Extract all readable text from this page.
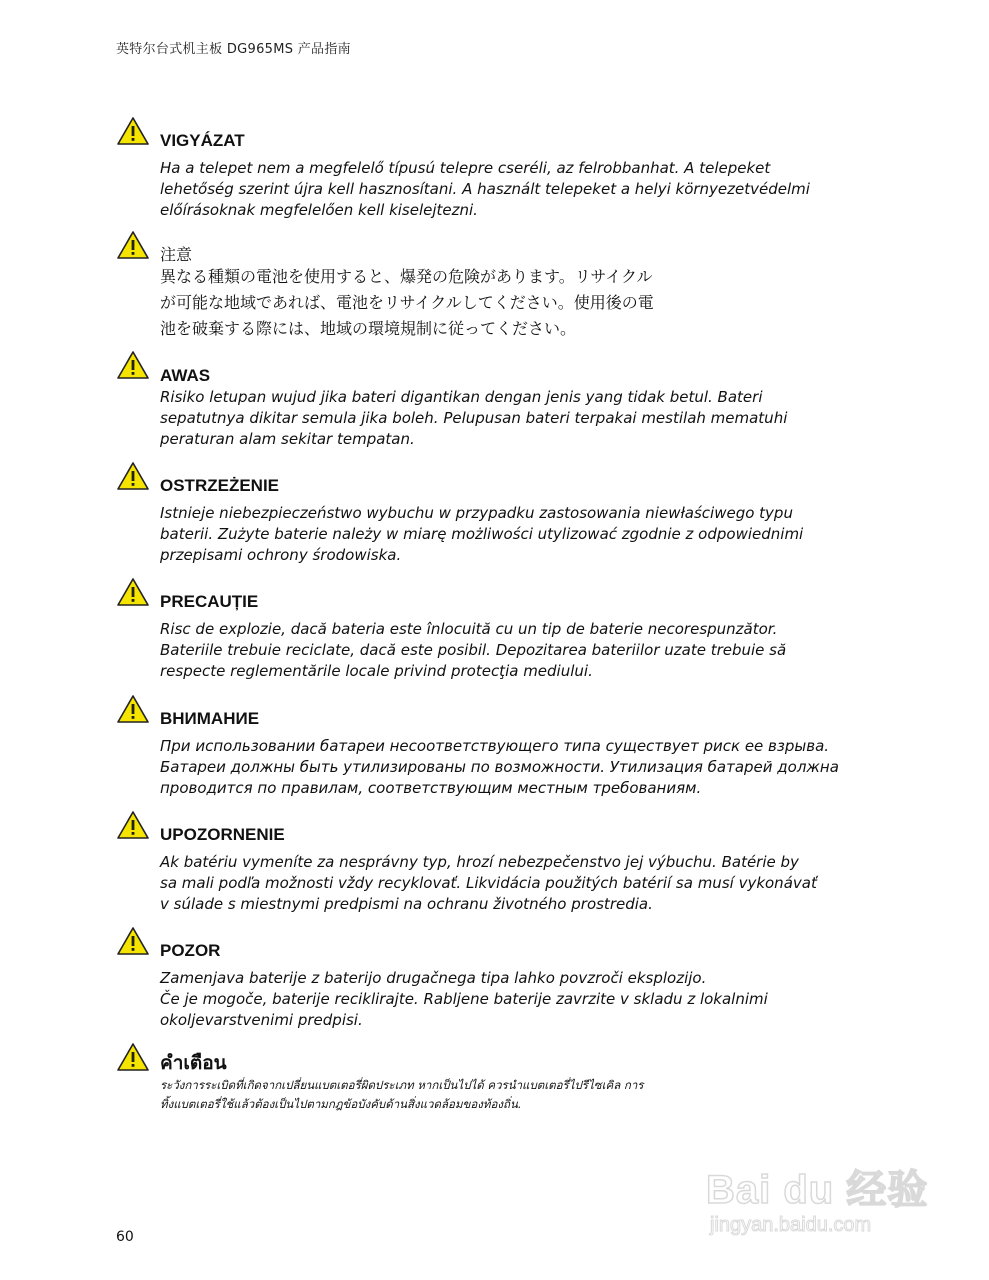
英特尔台式机主板 DG965MS 产品指南
VIGYÁZAT
Ha a telepet nem a megfelelő típusú telepre cseréli, az felrobbanhat. A telepeket
lehetőség szerint újra kell hasznosítani. A használt telepeket a helyi környezetvédelmi
előírásoknak megfelelően kell kiselejtezni.
注意
異なる種類の電池を使用すると、爆発の危険があります。リサイクル
が可能な地域であれば、電池をリサイクルしてください。使用後の電
池を破棄する際には、地域の環境規制に従ってください。
AWAS
Risiko letupan wujud jika bateri digantikan dengan jenis yang tidak betul. Bateri
sepatutnya dikitar semula jika boleh. Pelupusan bateri terpakai mestilah mematuhi
peraturan alam sekitar tempatan.
OSTRZEŻENIE
Istnieje niebezpieczeństwo wybuchu w przypadku zastosowania niewłaściwego typu
baterii. Zużyte baterie należy w miarę możliwości utylizować zgodnie z odpowiednimi
przepisami ochrony środowiska.
PRECAUȚIE
Risc de explozie, dacă bateria este înlocuită cu un tip de baterie necorespunzător.
Bateriile trebuie reciclate, dacă este posibil. Depozitarea bateriilor uzate trebuie să
respecte reglementările locale privind protecţia mediului.
ВНИМАНИЕ
При использовании батареи несоответствующего типа существует риск ее взрыва.
Батареи должны быть утилизированы по возможности. Утилизация батарей должна
проводится по правилам, соответствующим местным требованиям.
UPOZORNENIE
Ak batériu vymeníte za nesprávny typ, hrozí nebezpečenstvo jej výbuchu. Batérie by
sa mali podľa možnosti vždy recyklovať. Likvidácia použitých batérií sa musí vykonávať
v súlade s miestnymi predpismi na ochranu životného prostredia.
POZOR
Zamenjava baterije z baterijo drugačnega tipa lahko povzroči eksplozijo.
Če je mogoče, baterije reciklirajte. Rabljene baterije zavrzite v skladu z lokalnimi
okoljevarstvenimi predpisi.
คำเตือน
ระวังการระเบิดที่เกิดจากเปลี่ยนแบตเตอรี่ผิดประเภท หากเป็นไปได้ ควรนำแบตเตอรี่ไปรีไซเคิล การ
ทิ้งแบตเตอรี่ใช้แล้วต้องเป็นไปตามกฎข้อบังคับด้านสิ่งแวดล้อมของท้องถิ่น.
Bai du 经验
jingyan.baidu.com
60
